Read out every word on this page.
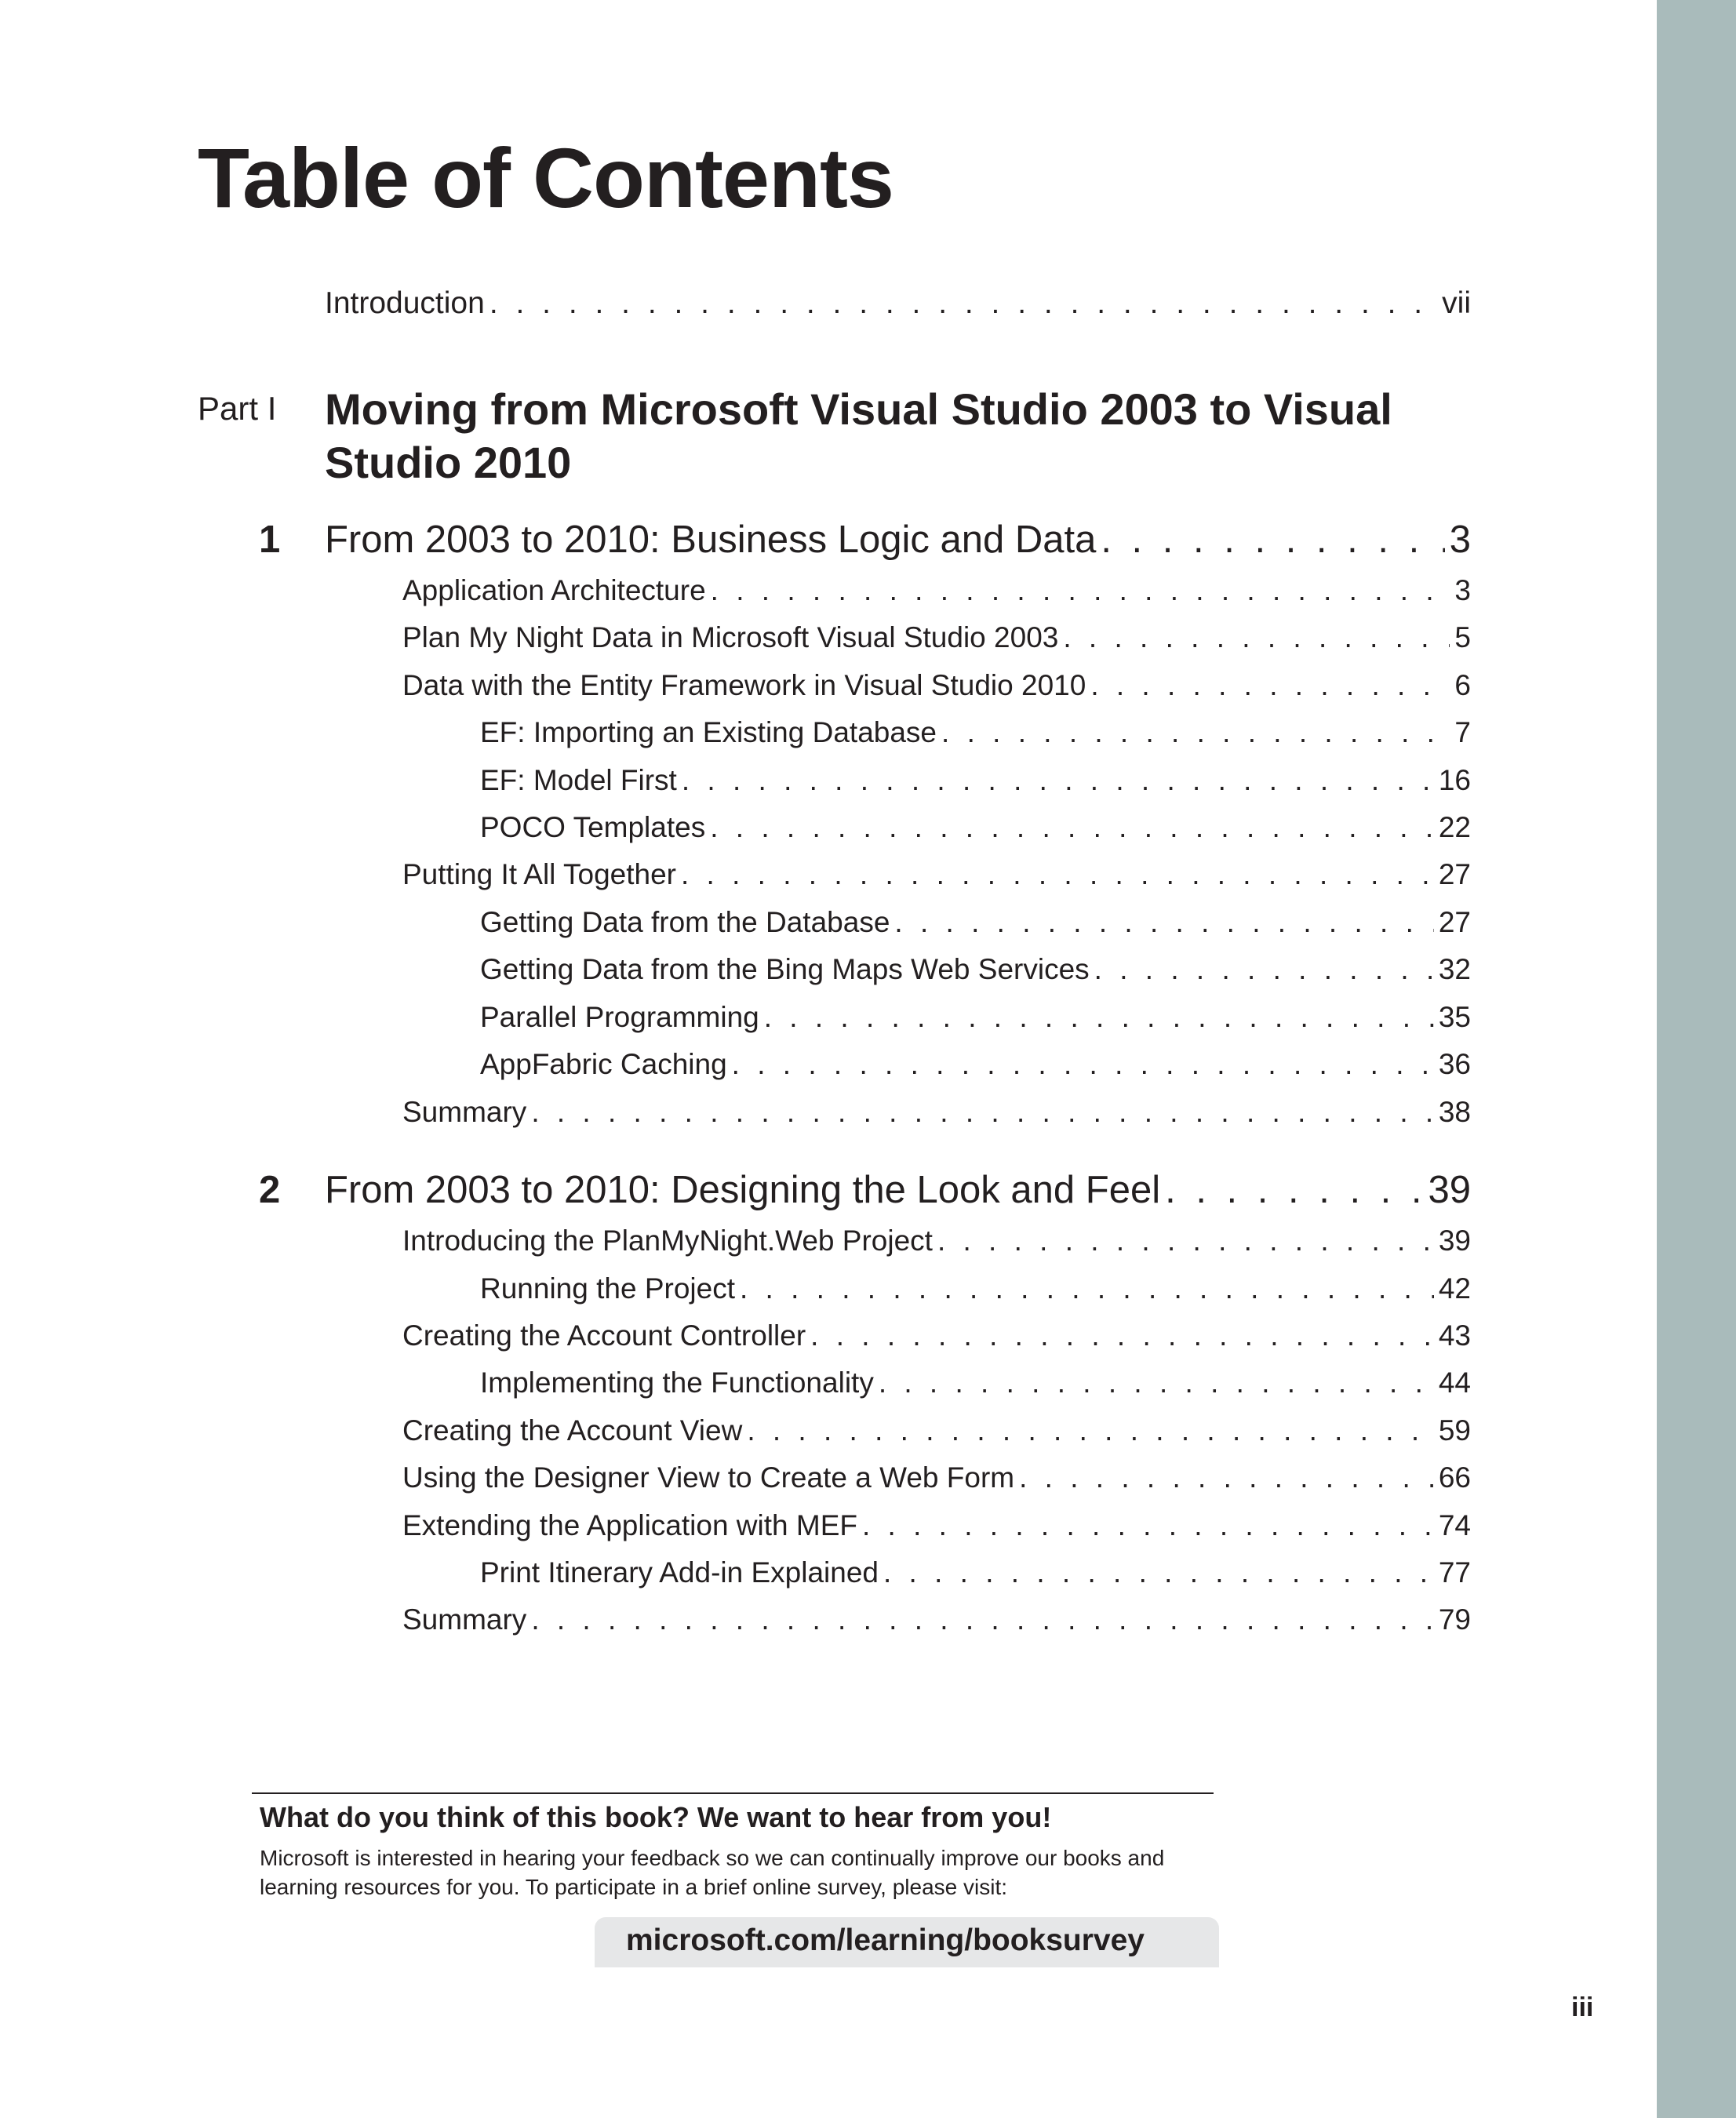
Table of Contents
Introduction . . .	vii
Part I Moving from Microsoft Visual Studio 2003 to Visual Studio 2010
1 From 2003 to 2010: Business Logic and Data . . .	3
Application Architecture . . .	3
Plan My Night Data in Microsoft Visual Studio 2003 . . .	5
Data with the Entity Framework in Visual Studio 2010 . . .	6
EF: Importing an Existing Database . . .	7
EF: Model First . . .	16
POCO Templates . . .	22
Putting It All Together . . .	27
Getting Data from the Database . . .	27
Getting Data from the Bing Maps Web Services . . .	32
Parallel Programming . . .	35
AppFabric Caching . . .	36
Summary . . .	38
2 From 2003 to 2010: Designing the Look and Feel . . .	39
Introducing the PlanMyNight.Web Project . . .	39
Running the Project . . .	42
Creating the Account Controller . . .	43
Implementing the Functionality . . .	44
Creating the Account View . . .	59
Using the Designer View to Create a Web Form . . .	66
Extending the Application with MEF . . .	74
Print Itinerary Add-in Explained . . .	77
Summary . . .	79
What do you think of this book? We want to hear from you!
Microsoft is interested in hearing your feedback so we can continually improve our books and learning resources for you. To participate in a brief online survey, please visit:
microsoft.com/learning/booksurvey
iii
